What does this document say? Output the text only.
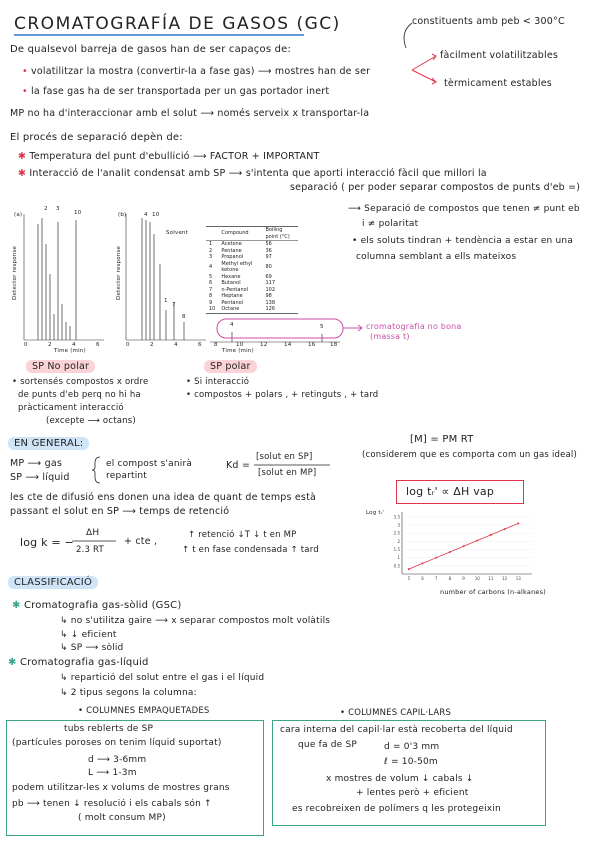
CROMATOGRAFÍA DE GASOS (GC)	constituents amb peb < 300°C
De qualsevol barreja de gasos han de ser capaços de:
• volatilitzar la mostra (convertir-la a fase gas) ⟶ mostres han de ser
• la fase gas ha de ser transportada per un gas portador inert
fàcilment volatilitzables
tèrmicament estables
MP no ha d'interaccionar amb el solut ⟶ només serveix x transportar-la
El procés de separació depèn de:
✱ Temperatura del punt d'ebullició ⟶ FACTOR + IMPORTANT
✱ Interacció de l'analit condensat amb SP ⟶ s'intenta que aporti interacció fàcil que millori la
separació ( per poder separar compostos de punts d'eb =)
⟶ Separació de compostos que tenen ≠ punt eb
i ≠ polaritat
• els soluts tindran + tendència a estar en una
columna semblant a ells mateixos
(a)	(b)
Detector response	Detector response
2 3
10
0	2	4	6
Time (min)
Solvent
4 10
1
7
8
0	2	4	6
4	5
8	10	12	14	16	18
Time (min)
cromatografia no bona
(massa t)
	Compound	Boiling point (°C)
1	Acetone	56
2	Pentane	36
3	Propanol	97
4	Methyl ethyl ketone	80
5	Hexane	69
6	Butanol	117
7	n-Pentanol	102
8	Heptane	98
9	Pentanol	138
10	Octane	126
SP No polar	SP polar
• sortensés compostos x ordre
de punts d'eb perq no hi ha
pràcticament interacció
(excepte ⟶ octans)
• Si interacció
• compostos + polars , + retinguts , + tard
EN GENERAL:
MP ⟶ gas
SP ⟶ líquid
el compost s'anirà repartint
Kd =
[solut en SP]
[solut en MP]
[M] = PM RT
(considerem que es comporta com un gas ideal)
les cte de difusió ens donen una idea de quant de temps està
passant el solut en SP ⟶ temps de retenció
log k = −
ΔH
2.3 RT
+ cte ,
↑ retenció ↓T ↓ t en MP
↑ t en fase condensada ↑ tard
log tᵣ' ∝ ΔH vap
Log tᵣ'
0.5
1
1.5
2
2.5
3
3.5
5	6	7	8	9 10 11 12 13
number of carbons (n-alkanes)
CLASSIFICACIÓ
✱ Cromatografia gas-sòlid (GSC)
↳ no s'utilitza gaire ⟶ x separar compostos molt volàtils
↳ ↓ eficient
↳ SP ⟶ sòlid
✱ Cromatografia gas-líquid
↳ repartició del solut entre el gas i el líquid
↳ 2 tipus segons la columna:
• COLUMNES EMPAQUETADES	• COLUMNES CAPIL·LARS
tubs reblerts de SP
(partícules poroses on tenim líquid suportat)
d ⟶ 3-6mm
L ⟶ 1-3m
podem utilitzar-les x volums de mostres grans
pb ⟶ tenen ↓ resolució i els cabals són ↑
( molt consum MP)
cara interna del capil·lar està recoberta del líquid
que fa de SP	d = 0'3 mm
ℓ = 10-50m
x mostres de volum ↓ cabals ↓
+ lentes però + eficient
es recobreixen de polímers q les protegeixin
